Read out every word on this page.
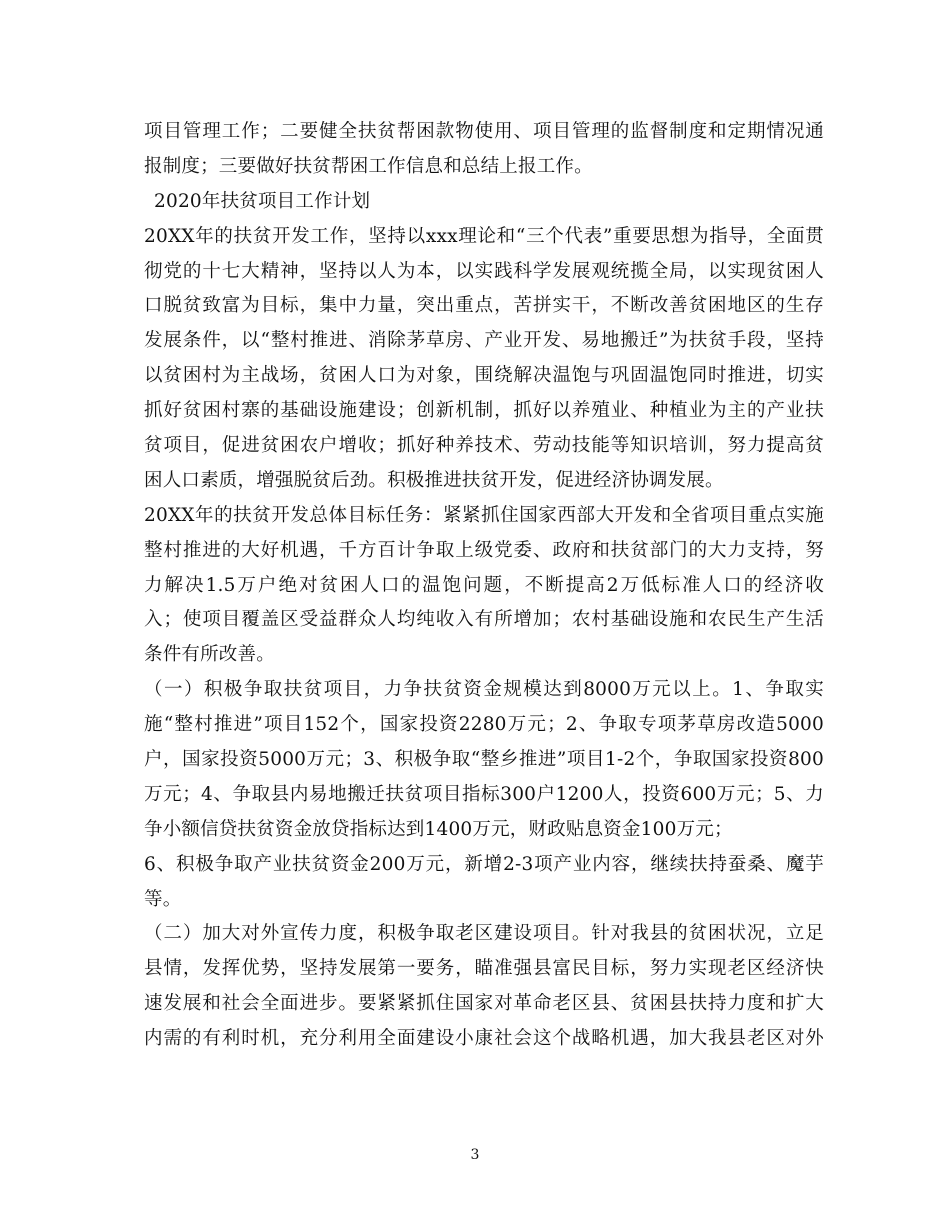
项目管理工作；二要健全扶贫帮困款物使用、项目管理的监督制度和定期情况通
报制度；三要做好扶贫帮困工作信息和总结上报工作。
2020年扶贫项目工作计划
20XX年的扶贫开发工作，坚持以xxx理论和“三个代表”重要思想为指导，全面贯
彻党的十七大精神，坚持以人为本，以实践科学发展观统揽全局，以实现贫困人
口脱贫致富为目标，集中力量，突出重点，苦拼实干，不断改善贫困地区的生存
发展条件，以“整村推进、消除茅草房、产业开发、易地搬迁”为扶贫手段，坚持
以贫困村为主战场，贫困人口为对象，围绕解决温饱与巩固温饱同时推进，切实
抓好贫困村寨的基础设施建设；创新机制，抓好以养殖业、种植业为主的产业扶
贫项目，促进贫困农户增收；抓好种养技术、劳动技能等知识培训，努力提高贫
困人口素质，增强脱贫后劲。积极推进扶贫开发，促进经济协调发展。
20XX年的扶贫开发总体目标任务：紧紧抓住国家西部大开发和全省项目重点实施
整村推进的大好机遇，千方百计争取上级党委、政府和扶贫部门的大力支持，努
力解决1.5万户绝对贫困人口的温饱问题，不断提高2万低标准人口的经济收
入；使项目覆盖区受益群众人均纯收入有所增加；农村基础设施和农民生产生活
条件有所改善。
（一）积极争取扶贫项目，力争扶贫资金规模达到8000万元以上。1、争取实
施“整村推进”项目152个，国家投资2280万元；2、争取专项茅草房改造5000
户，国家投资5000万元；3、积极争取“整乡推进”项目1-2个，争取国家投资800
万元；4、争取县内易地搬迁扶贫项目指标300户1200人，投资600万元；5、力
争小额信贷扶贫资金放贷指标达到1400万元，财政贴息资金100万元；
6、积极争取产业扶贫资金200万元，新增2-3项产业内容，继续扶持蚕桑、魔芋
等。
（二）加大对外宣传力度，积极争取老区建设项目。针对我县的贫困状况，立足
县情，发挥优势，坚持发展第一要务，瞄准强县富民目标，努力实现老区经济快
速发展和社会全面进步。要紧紧抓住国家对革命老区县、贫困县扶持力度和扩大
内需的有利时机，充分利用全面建设小康社会这个战略机遇，加大我县老区对外
3
